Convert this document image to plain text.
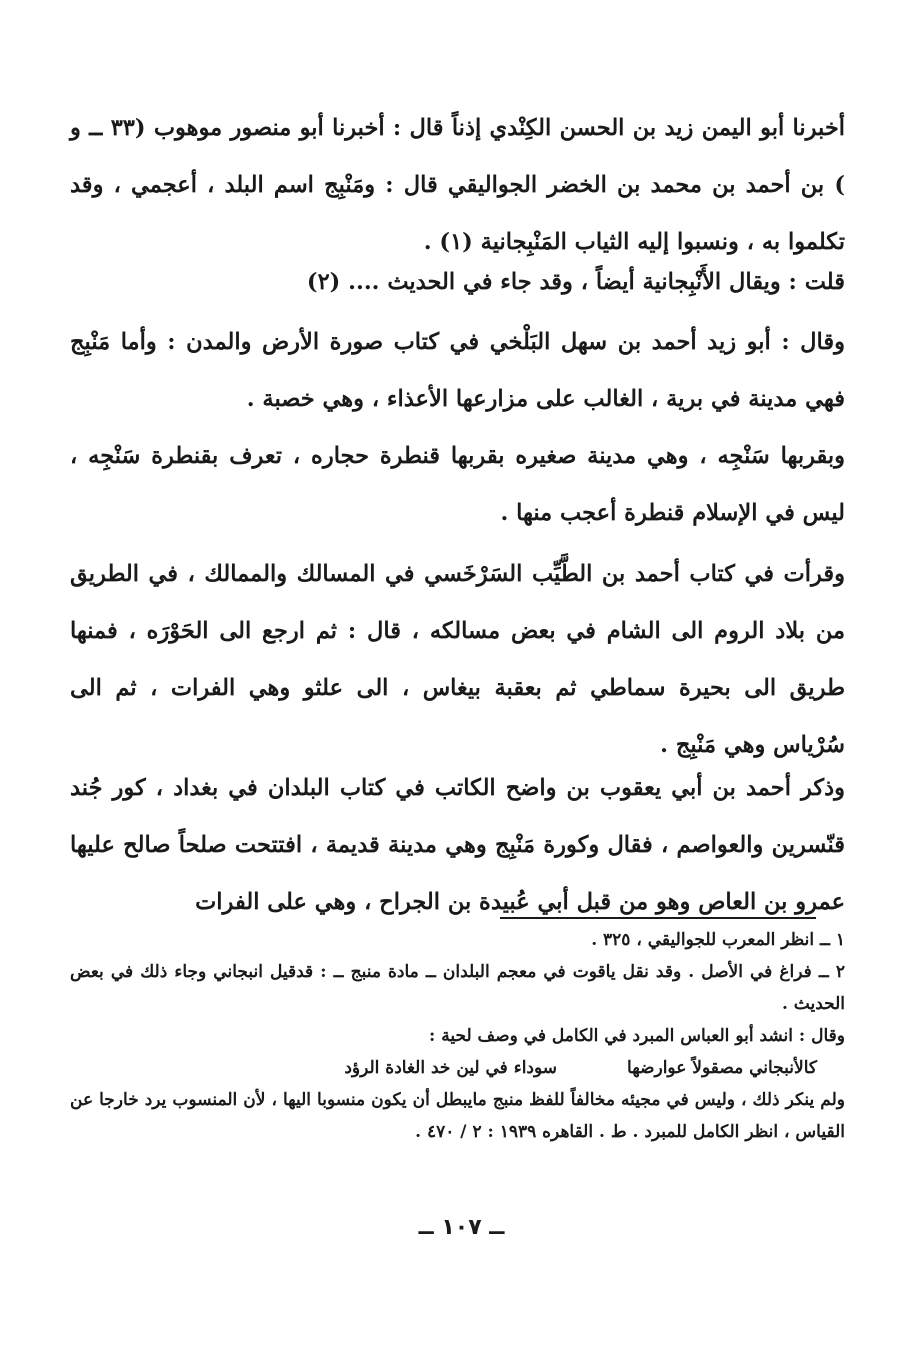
أخبرنا أبو اليمن زيد بن الحسن الكِنْدي إذناً قال : أخبرنا أبو منصور موهوب (٣٣ ــ و ) بن أحمد بن محمد بن الخضر الجواليقي قال : ومَنْبِج اسم البلد ، أعجمي ، وقد تكلموا به ، ونسبوا إليه الثياب المَنْبِجانية (١) .

قلت : ويقال الأَنْبِجانية أيضاً ، وقد جاء في الحديث .... (٢)

وقال : أبو زيد أحمد بن سهل البَلْخي في كتاب صورة الأرض والمدن : وأما مَنْبِج فهي مدينة في برية ، الغالب على مزارعها الأعذاء ، وهي خصبة .

وبقربها سَنْجِه ، وهي مدينة صغيره بقربها قنطرة حجاره ، تعرف بقنطرة سَنْجِه ، ليس في الإسلام قنطرة أعجب منها .

وقرأت في كتاب أحمد بن الطَّيِّب السَرْخَسي في المسالك والممالك ، في الطريق من بلاد الروم الى الشام في بعض مسالكه ، قال : ثم ارجع الى الحَوْرَه ، فمنها طريق الى بحيرة سماطي ثم بعقبة بيغاس ، الى علثو وهي الفرات ، ثم الى سُرْياس وهي مَنْبِج .

وذكر أحمد بن أبي يعقوب بن واضح الكاتب في كتاب البلدان في بغداد ، كور جُند قنّسرين والعواصم ، فقال وكورة مَنْبِج وهي مدينة قديمة ، افتتحت صلحاً صالح عليها عمرو بن العاص وهو من قبل أبي عُبيدة بن الجراح ، وهي على الفرات

١ ــ انظر المعرب للجواليقي ، ٣٢٥ .

٢ ــ فراغ في الأصل . وقد نقل ياقوت في معجم البلدان ــ مادة منبج ــ : قدقيل انبجاني وجاء ذلك في بعض الحديث .

وقال : انشد أبو العباس المبرد في الكامل في وصف لحية :

كالأنبجاني مصقولاً عوارضها
سوداء في لين خد الغادة الرؤد

ولم ينكر ذلك ، وليس في مجيئه مخالفاً للفظ منبج مايبطل أن يكون منسوبا اليها ، لأن المنسوب يرد خارجا عن القياس ، انظر الكامل للمبرد . ط . القاهره ١٩٣٩ : ٢ / ٤٧٠ .

ــ ١٠٧ ــ
